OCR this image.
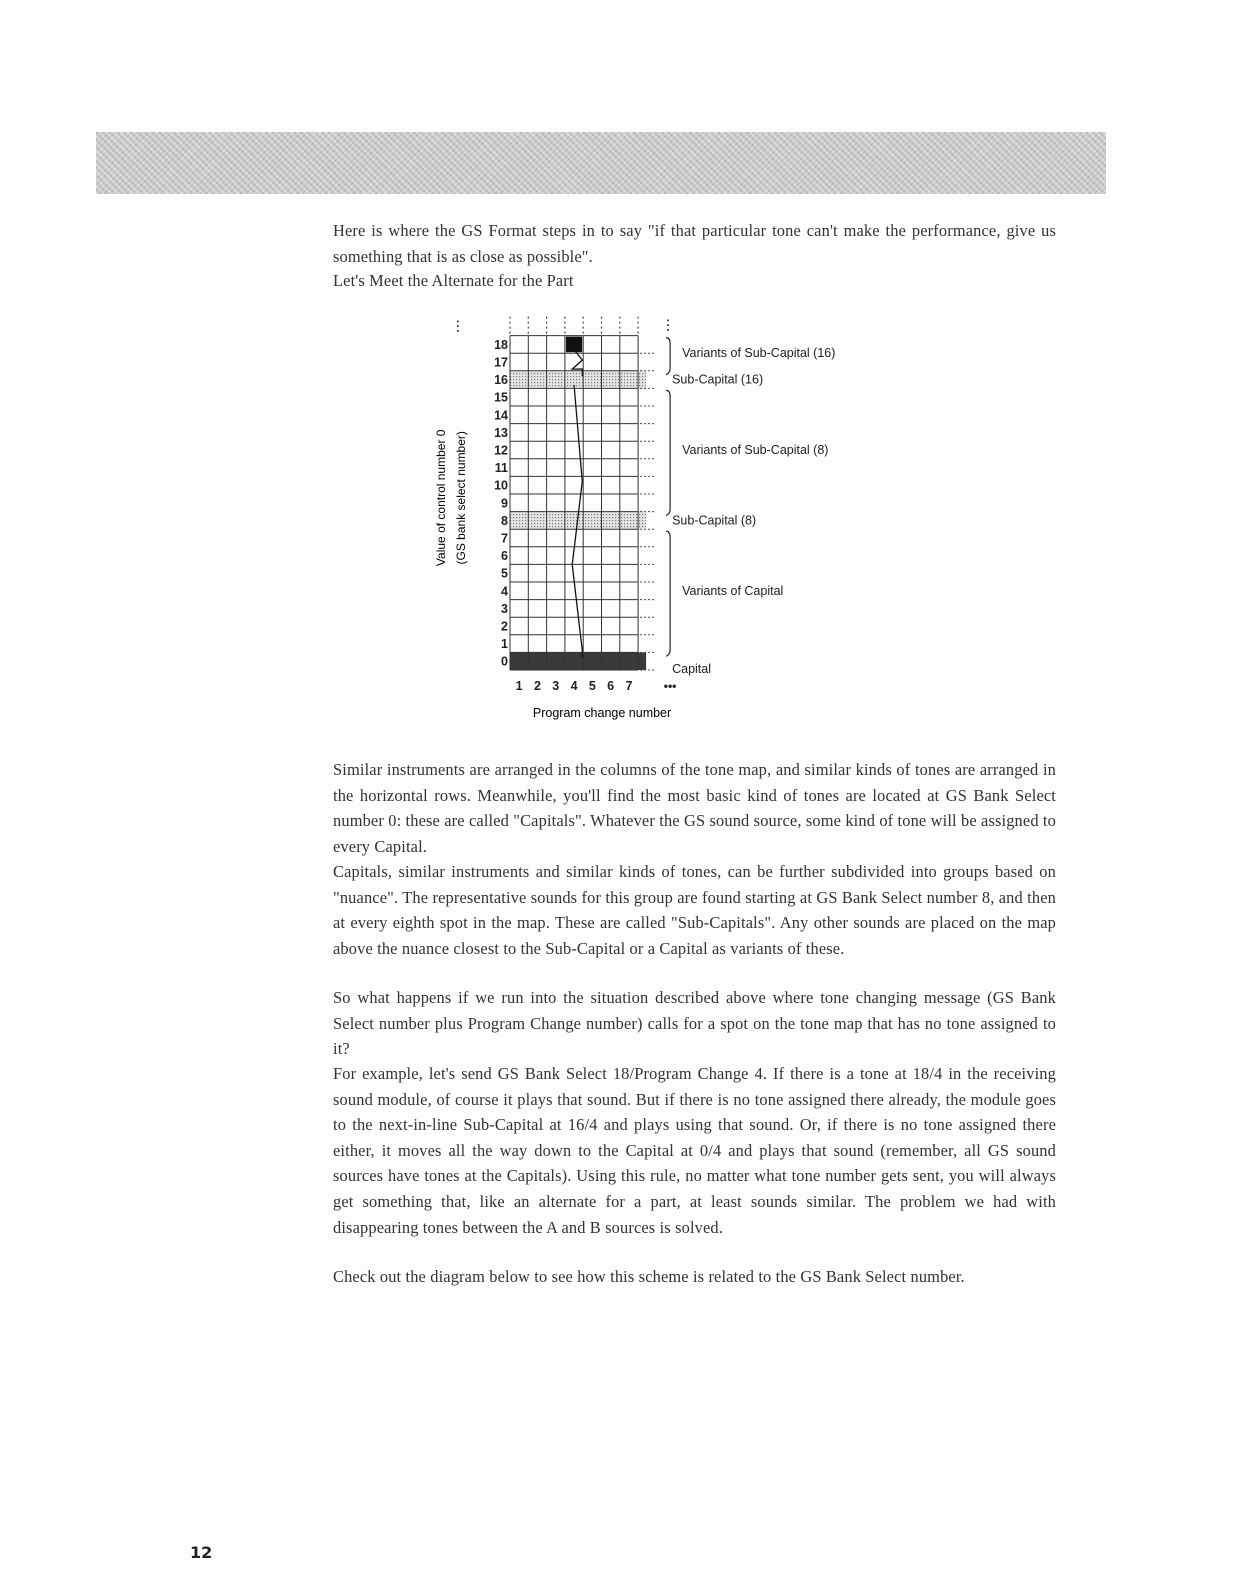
Here is where the GS Format steps in to say "if that particular tone can't make the performance, give us something that is as close as possible".

Let's Meet the Alternate for the Part

⋮
0
1
2
3
4
5
6
7
8
9
10
11
12
13
14
15
16
17
18
1 2 3 4 5 6 7	•••
Variants of Sub-Capital (16)
Sub-Capital (16)
Variants of Sub-Capital (8)
Sub-Capital (8)
Variants of Capital
Capital
⋮
Program change number
Value of control number 0 (GS bank select number)

Similar instruments are arranged in the columns of the tone map, and similar kinds of tones are arranged in the horizontal rows. Meanwhile, you'll find the most basic kind of tones are located at GS Bank Select number 0: these are called "Capitals". Whatever the GS sound source, some kind of tone will be assigned to every Capital.

Capitals, similar instruments and similar kinds of tones, can be further subdivided into groups based on "nuance". The representative sounds for this group are found starting at GS Bank Select number 8, and then at every eighth spot in the map. These are called "Sub-Capitals". Any other sounds are placed on the map above the nuance closest to the Sub-Capital or a Capital as variants of these.

So what happens if we run into the situation described above where tone changing message (GS Bank Select number plus Program Change number) calls for a spot on the tone map that has no tone assigned to it?

For example, let's send GS Bank Select 18/Program Change 4. If there is a tone at 18/4 in the receiving sound module, of course it plays that sound. But if there is no tone assigned there already, the module goes to the next-in-line Sub-Capital at 16/4 and plays using that sound. Or, if there is no tone assigned there either, it moves all the way down to the Capital at 0/4 and plays that sound (remember, all GS sound sources have tones at the Capitals). Using this rule, no matter what tone number gets sent, you will always get something that, like an alternate for a part, at least sounds similar. The problem we had with disappearing tones between the A and B sources is solved.

Check out the diagram below to see how this scheme is related to the GS Bank Select number.

12
